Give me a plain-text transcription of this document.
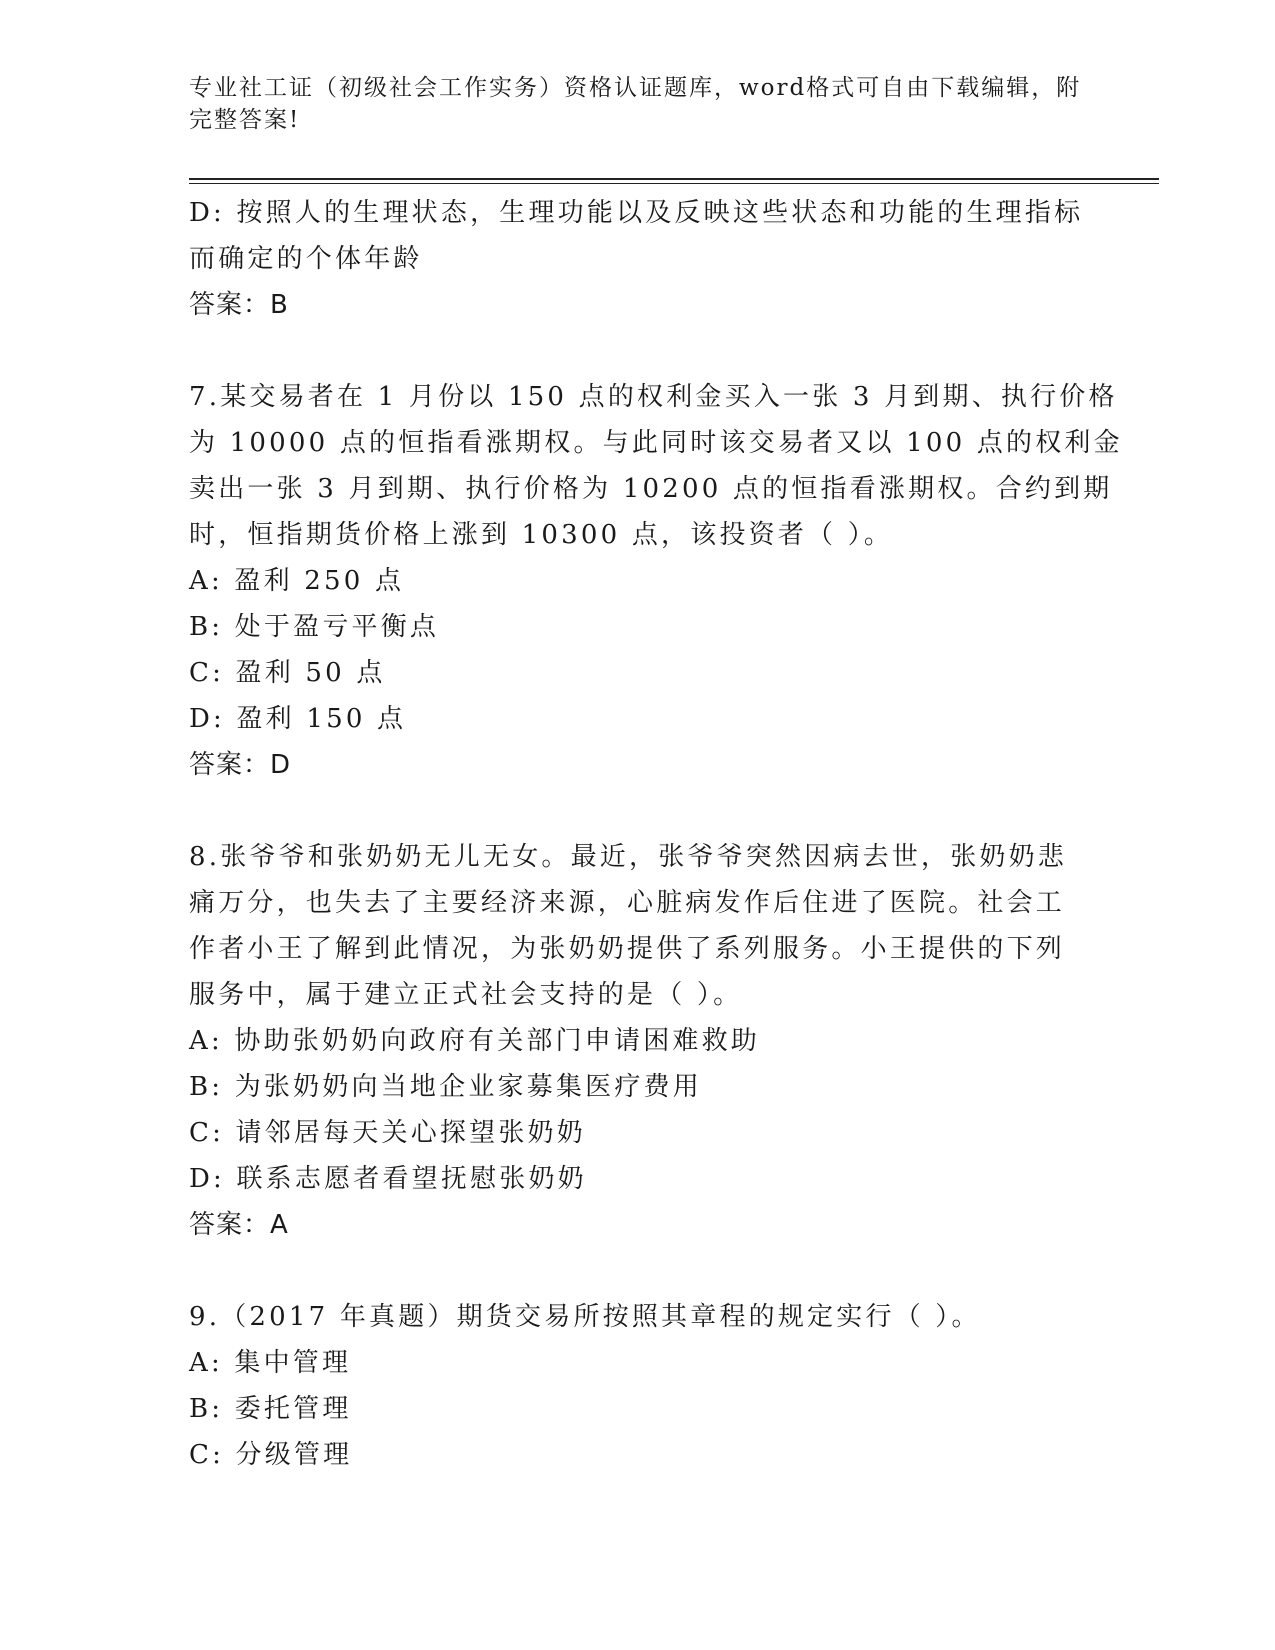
专业社工证（初级社会工作实务）资格认证题库，word格式可自由下载编辑，附
完整答案!
D: 按照人的生理状态，生理功能以及反映这些状态和功能的生理指标
而确定的个体年龄
答案：B
7.某交易者在 1 月份以 150 点的权利金买入一张 3 月到期、执行价格
为 10000 点的恒指看涨期权。与此同时该交易者又以 100 点的权利金
卖出一张 3 月到期、执行价格为 10200 点的恒指看涨期权。合约到期
时，恒指期货价格上涨到 10300 点，该投资者（ ）。
A: 盈利 250 点
B: 处于盈亏平衡点
C: 盈利 50 点
D: 盈利 150 点
答案：D
8.张爷爷和张奶奶无儿无女。最近，张爷爷突然因病去世，张奶奶悲
痛万分，也失去了主要经济来源，心脏病发作后住进了医院。社会工
作者小王了解到此情况，为张奶奶提供了系列服务。小王提供的下列
服务中，属于建立正式社会支持的是（ ）。
A: 协助张奶奶向政府有关部门申请困难救助
B: 为张奶奶向当地企业家募集医疗费用
C: 请邻居每天关心探望张奶奶
D: 联系志愿者看望抚慰张奶奶
答案：A
9.（2017 年真题）期货交易所按照其章程的规定实行（ ）。
A: 集中管理
B: 委托管理
C: 分级管理
